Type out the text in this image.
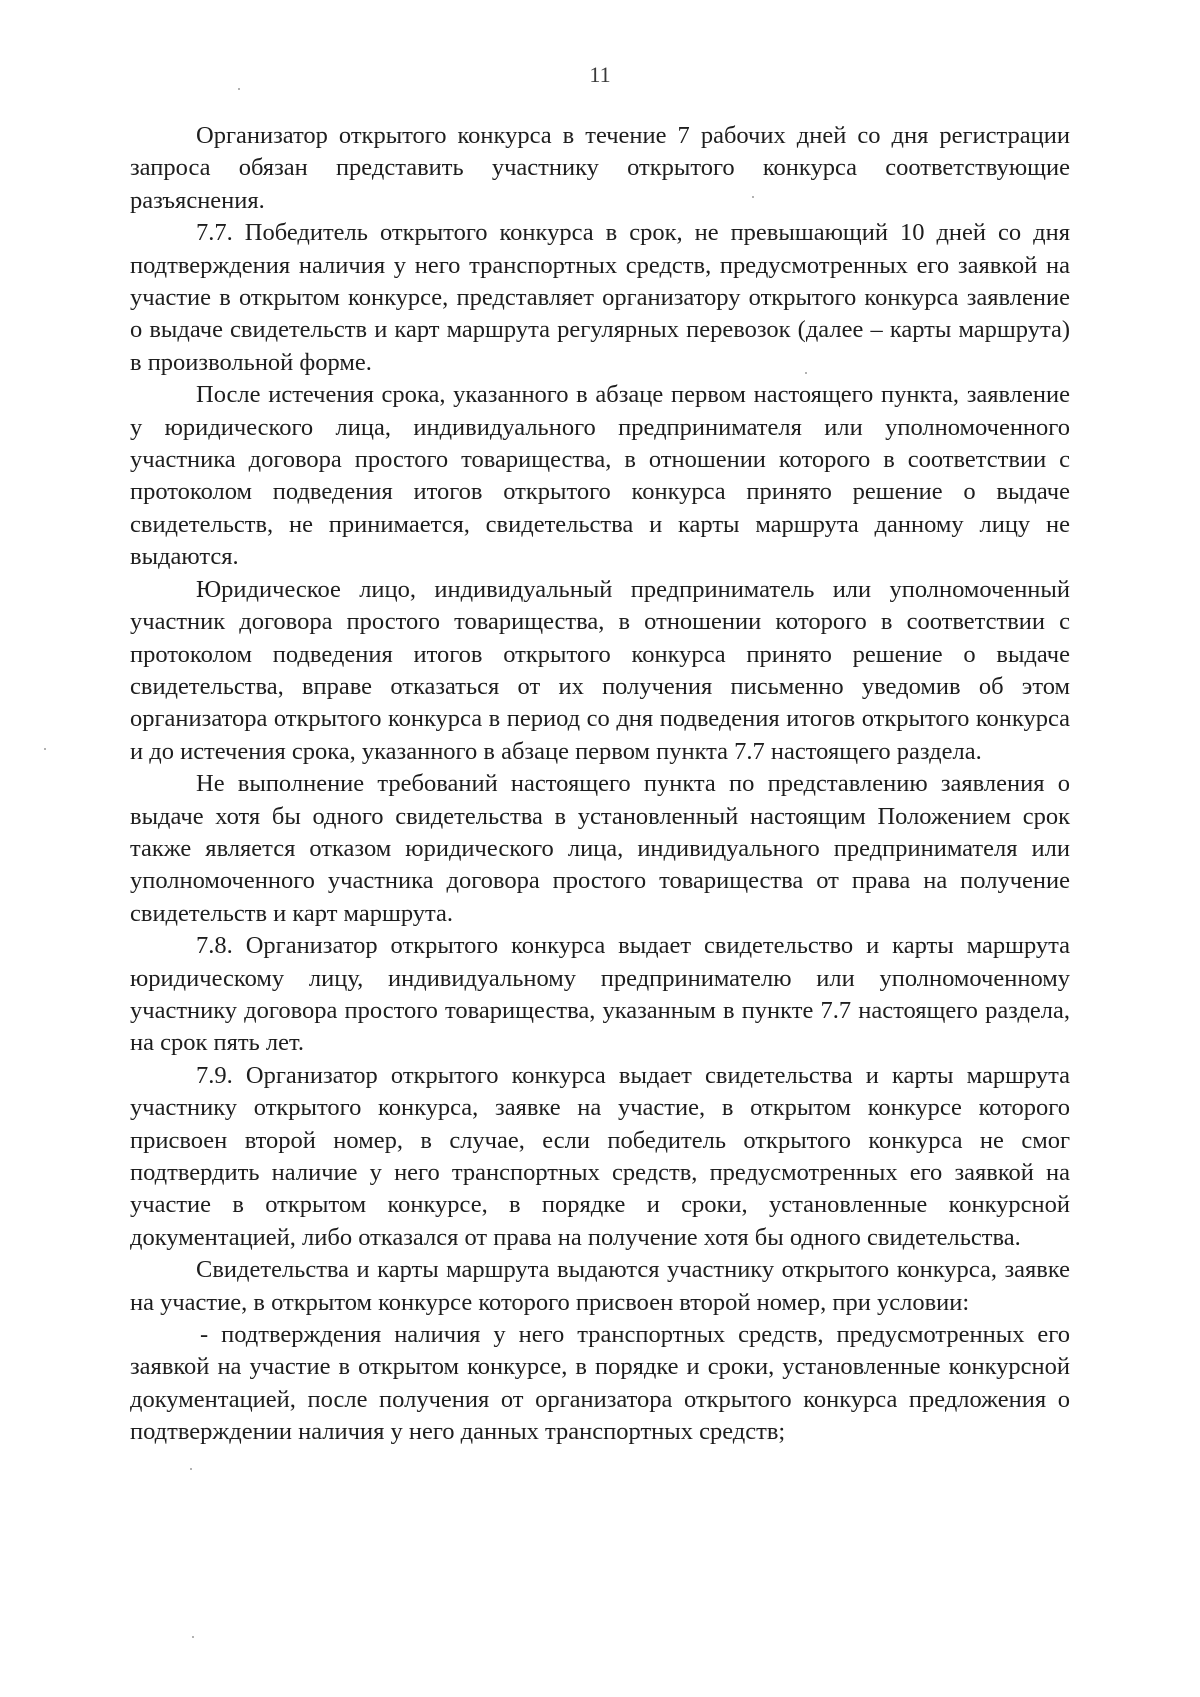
11

Организатор открытого конкурса в течение 7 рабочих дней со дня регистрации запроса обязан представить участнику открытого конкурса соответствующие разъяснения.

7.7. Победитель открытого конкурса в срок, не превышающий 10 дней со дня подтверждения наличия у него транспортных средств, предусмотренных его заявкой на участие в открытом конкурсе, представляет организатору открытого конкурса заявление о выдаче свидетельств и карт маршрута регулярных перевозок (далее – карты маршрута) в произвольной форме.

После истечения срока, указанного в абзаце первом настоящего пункта, заявление у юридического лица, индивидуального предпринимателя или уполномоченного участника договора простого товарищества, в отношении которого в соответствии с протоколом подведения итогов открытого конкурса принято решение о выдаче свидетельств, не принимается, свидетельства и карты маршрута данному лицу не выдаются.

Юридическое лицо, индивидуальный предприниматель или уполномоченный участник договора простого товарищества, в отношении которого в соответствии с протоколом подведения итогов открытого конкурса принято решение о выдаче свидетельства, вправе отказаться от их получения письменно уведомив об этом организатора открытого конкурса в период со дня подведения итогов открытого конкурса и до истечения срока, указанного в абзаце первом пункта 7.7 настоящего раздела.

Не выполнение требований настоящего пункта по представлению заявления о выдаче хотя бы одного свидетельства в установленный настоящим Положением срок также является отказом юридического лица, индивидуального предпринимателя или уполномоченного участника договора простого товарищества от права на получение свидетельств и карт маршрута.

7.8. Организатор открытого конкурса выдает свидетельство и карты маршрута юридическому лицу, индивидуальному предпринимателю или уполномоченному участнику договора простого товарищества, указанным в пункте 7.7 настоящего раздела, на срок пять лет.

7.9. Организатор открытого конкурса выдает свидетельства и карты маршрута участнику открытого конкурса, заявке на участие, в открытом конкурсе которого присвоен второй номер, в случае, если победитель открытого конкурса не смог подтвердить наличие у него транспортных средств, предусмотренных его заявкой на участие в открытом конкурсе, в порядке и сроки, установленные конкурсной документацией, либо отказался от права на получение хотя бы одного свидетельства.

Свидетельства и карты маршрута выдаются участнику открытого конкурса, заявке на участие, в открытом конкурсе которого присвоен второй номер, при условии:

- подтверждения наличия у него транспортных средств, предусмотренных его заявкой на участие в открытом конкурсе, в порядке и сроки, установленные конкурсной документацией, после получения от организатора открытого конкурса предложения о подтверждении наличия у него данных транспортных средств;
